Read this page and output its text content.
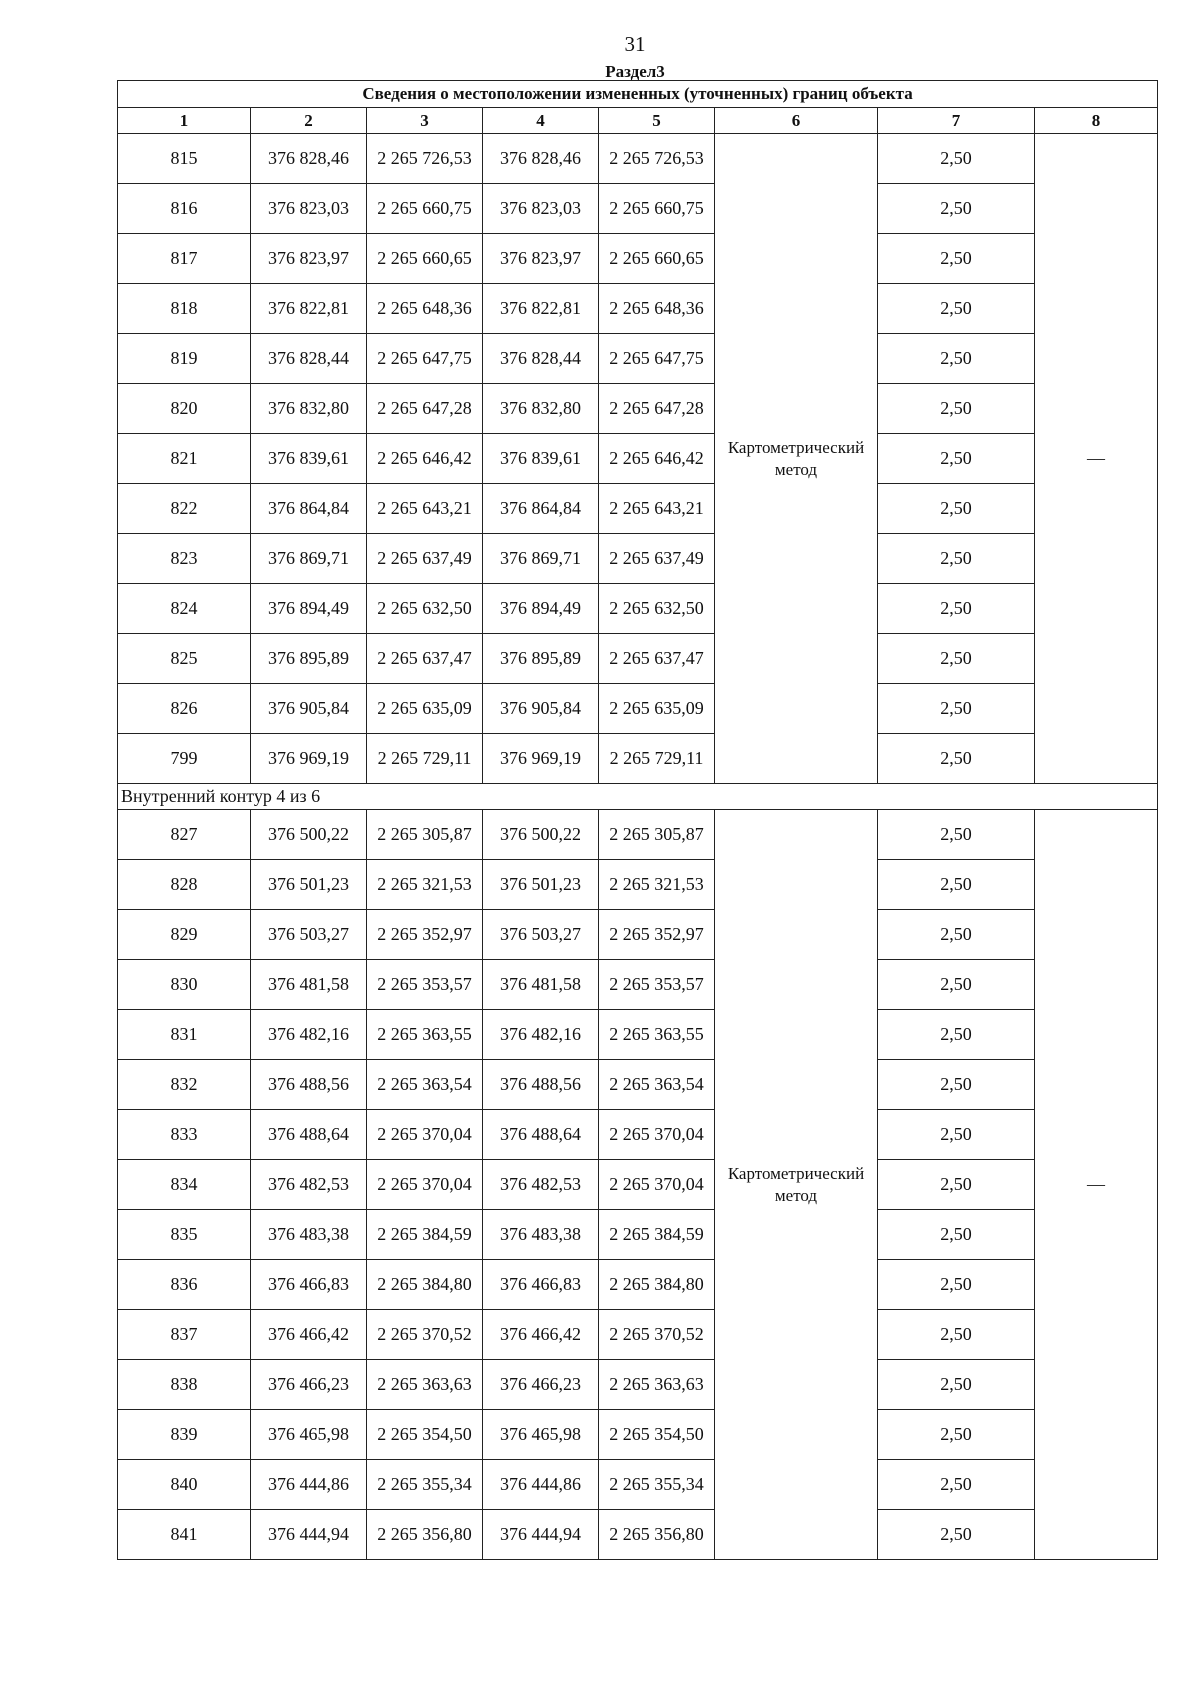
31
Раздел3
Сведения о местоположении измененных (уточненных) границ объекта							
1	2	3	4	5	6	7	8
815	376 828,46	2 265 726,53	376 828,46	2 265 726,53	Картометрический метод	2,50	—
816	376 823,03	2 265 660,75	376 823,03	2 265 660,75		2,50	
817	376 823,97	2 265 660,65	376 823,97	2 265 660,65		2,50	
818	376 822,81	2 265 648,36	376 822,81	2 265 648,36		2,50	
819	376 828,44	2 265 647,75	376 828,44	2 265 647,75		2,50	
820	376 832,80	2 265 647,28	376 832,80	2 265 647,28		2,50	
821	376 839,61	2 265 646,42	376 839,61	2 265 646,42		2,50	
822	376 864,84	2 265 643,21	376 864,84	2 265 643,21		2,50	
823	376 869,71	2 265 637,49	376 869,71	2 265 637,49		2,50	
824	376 894,49	2 265 632,50	376 894,49	2 265 632,50		2,50	
825	376 895,89	2 265 637,47	376 895,89	2 265 637,47		2,50	
826	376 905,84	2 265 635,09	376 905,84	2 265 635,09		2,50	
799	376 969,19	2 265 729,11	376 969,19	2 265 729,11		2,50	
Внутренний контур 4 из 6							
827	376 500,22	2 265 305,87	376 500,22	2 265 305,87	Картометрический метод	2,50	—
828	376 501,23	2 265 321,53	376 501,23	2 265 321,53		2,50	
829	376 503,27	2 265 352,97	376 503,27	2 265 352,97		2,50	
830	376 481,58	2 265 353,57	376 481,58	2 265 353,57		2,50	
831	376 482,16	2 265 363,55	376 482,16	2 265 363,55		2,50	
832	376 488,56	2 265 363,54	376 488,56	2 265 363,54		2,50	
833	376 488,64	2 265 370,04	376 488,64	2 265 370,04		2,50	
834	376 482,53	2 265 370,04	376 482,53	2 265 370,04		2,50	
835	376 483,38	2 265 384,59	376 483,38	2 265 384,59		2,50	
836	376 466,83	2 265 384,80	376 466,83	2 265 384,80		2,50	
837	376 466,42	2 265 370,52	376 466,42	2 265 370,52		2,50	
838	376 466,23	2 265 363,63	376 466,23	2 265 363,63		2,50	
839	376 465,98	2 265 354,50	376 465,98	2 265 354,50		2,50	
840	376 444,86	2 265 355,34	376 444,86	2 265 355,34		2,50	
841	376 444,94	2 265 356,80	376 444,94	2 265 356,80		2,50	
